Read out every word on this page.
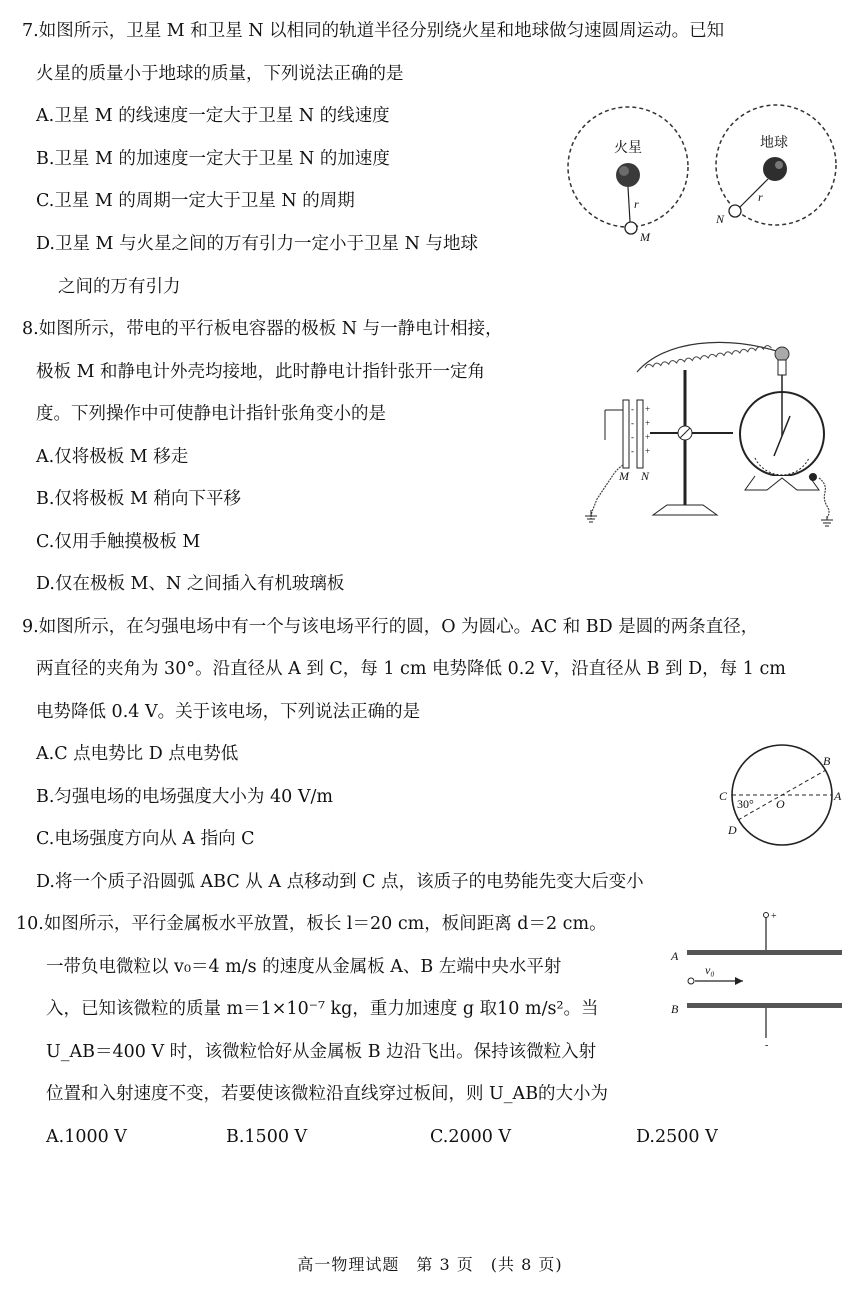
7.如图所示，卫星 M 和卫星 N 以相同的轨道半径分别绕火星和地球做匀速圆周运动。已知
火星的质量小于地球的质量，下列说法正确的是
A.卫星 M 的线速度一定大于卫星 N 的线速度
B.卫星 M 的加速度一定大于卫星 N 的加速度
C.卫星 M 的周期一定大于卫星 N 的周期
D.卫星 M 与火星之间的万有引力一定小于卫星 N 与地球
之间的万有引力
火星
r
M
地球
r
N
8.如图所示，带电的平行板电容器的极板 N 与一静电计相接，
极板 M 和静电计外壳均接地，此时静电计指针张开一定角
度。下列操作中可使静电计指针张角变小的是
A.仅将极板 M 移走
B.仅将极板 M 稍向下平移
C.仅用手触摸极板 M
D.仅在极板 M、N 之间插入有机玻璃板
-
-
-
-
+
+
+
+
M N
9.如图所示，在匀强电场中有一个与该电场平行的圆，O 为圆心。AC 和 BD 是圆的两条直径，
两直径的夹角为 30°。沿直径从 A 到 C，每 1 cm 电势降低 0.2 V，沿直径从 B 到 D，每 1 cm
电势降低 0.4 V。关于该电场，下列说法正确的是
A.C 点电势比 D 点电势低
B.匀强电场的电场强度大小为 40 V/m
C.电场强度方向从 A 指向 C
D.将一个质子沿圆弧 ABC 从 A 点移动到 C 点，该质子的电势能先变大后变小
B
A
C
D
O
30°
10.如图所示，平行金属板水平放置，板长 l＝20 cm，板间距离 d＝2 cm。
一带负电微粒以 v₀＝4 m/s 的速度从金属板 A、B 左端中央水平射
入，已知该微粒的质量 m＝1×10⁻⁷ kg，重力加速度 g 取10 m/s²。当
U_AB＝400 V 时，该微粒恰好从金属板 B 边沿飞出。保持该微粒入射
位置和入射速度不变，若要使该微粒沿直线穿过板间，则 U_AB的大小为
A.1000 V	B.1500 V	C.2000 V	D.2500 V
+
A
v₀
B
-
高一物理试题　第 3 页　(共 8 页)
